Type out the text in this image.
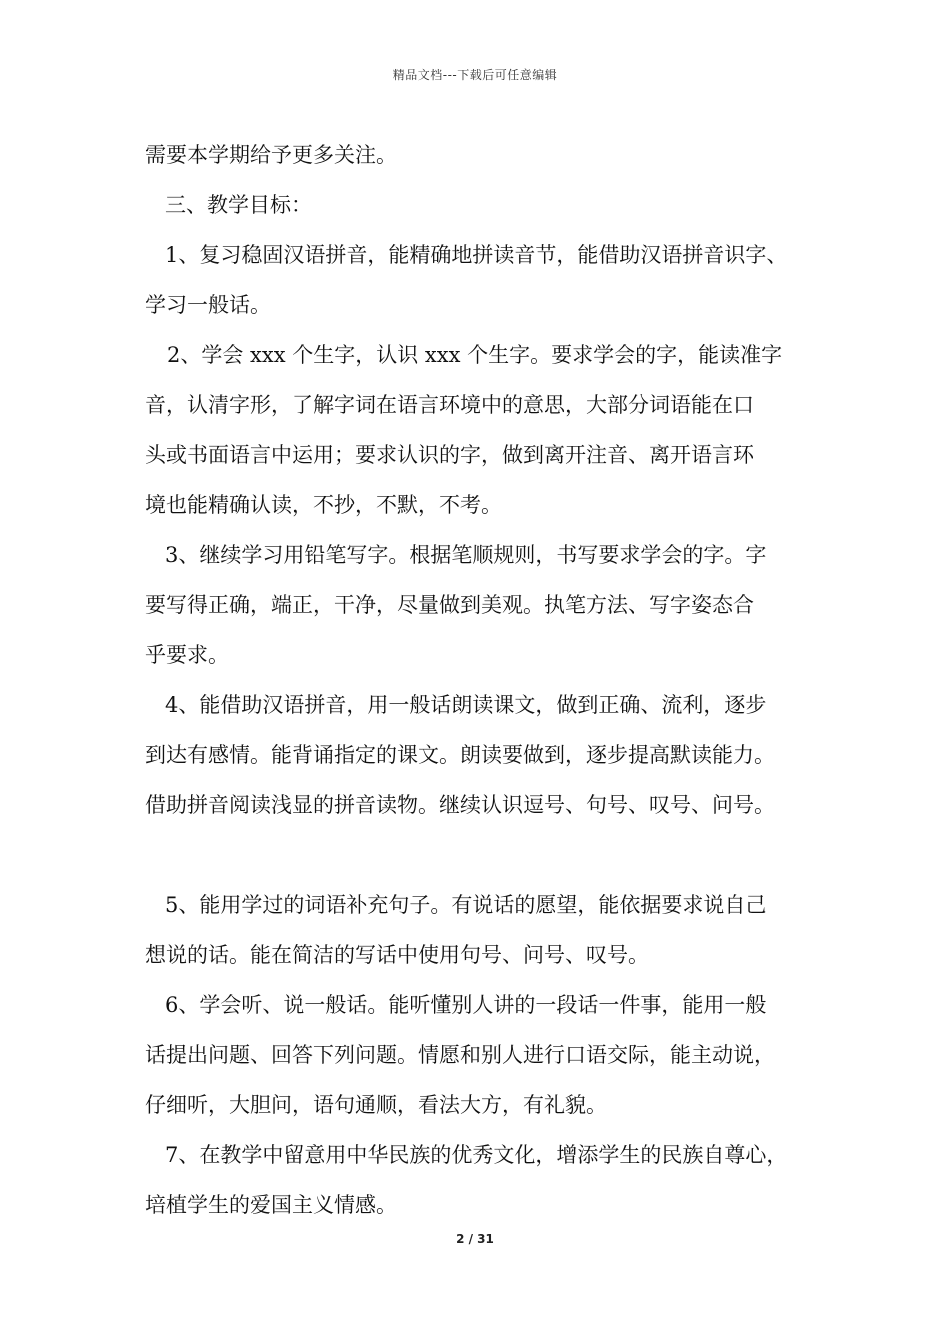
精品文档---下载后可任意编辑
需要本学期给予更多关注。
三、教学目标：
1、复习稳固汉语拼音，能精确地拼读音节，能借助汉语拼音识字、
学习一般话。
2、学会 xxx 个生字，认识 xxx 个生字。要求学会的字，能读准字
音，认清字形，了解字词在语言环境中的意思，大部分词语能在口
头或书面语言中运用；要求认识的字，做到离开注音、离开语言环
境也能精确认读，不抄，不默，不考。
3、继续学习用铅笔写字。根据笔顺规则，书写要求学会的字。字
要写得正确，端正，干净，尽量做到美观。执笔方法、写字姿态合
乎要求。
4、能借助汉语拼音，用一般话朗读课文，做到正确、流利，逐步
到达有感情。能背诵指定的课文。朗读要做到，逐步提高默读能力。
借助拼音阅读浅显的拼音读物。继续认识逗号、句号、叹号、问号。
5、能用学过的词语补充句子。有说话的愿望，能依据要求说自己
想说的话。能在简洁的写话中使用句号、问号、叹号。
6、学会听、说一般话。能听懂别人讲的一段话一件事，能用一般
话提出问题、回答下列问题。情愿和别人进行口语交际，能主动说，
仔细听，大胆问，语句通顺，看法大方，有礼貌。
7、在教学中留意用中华民族的优秀文化，增添学生的民族自尊心，
培植学生的爱国主义情感。
2 / 31
